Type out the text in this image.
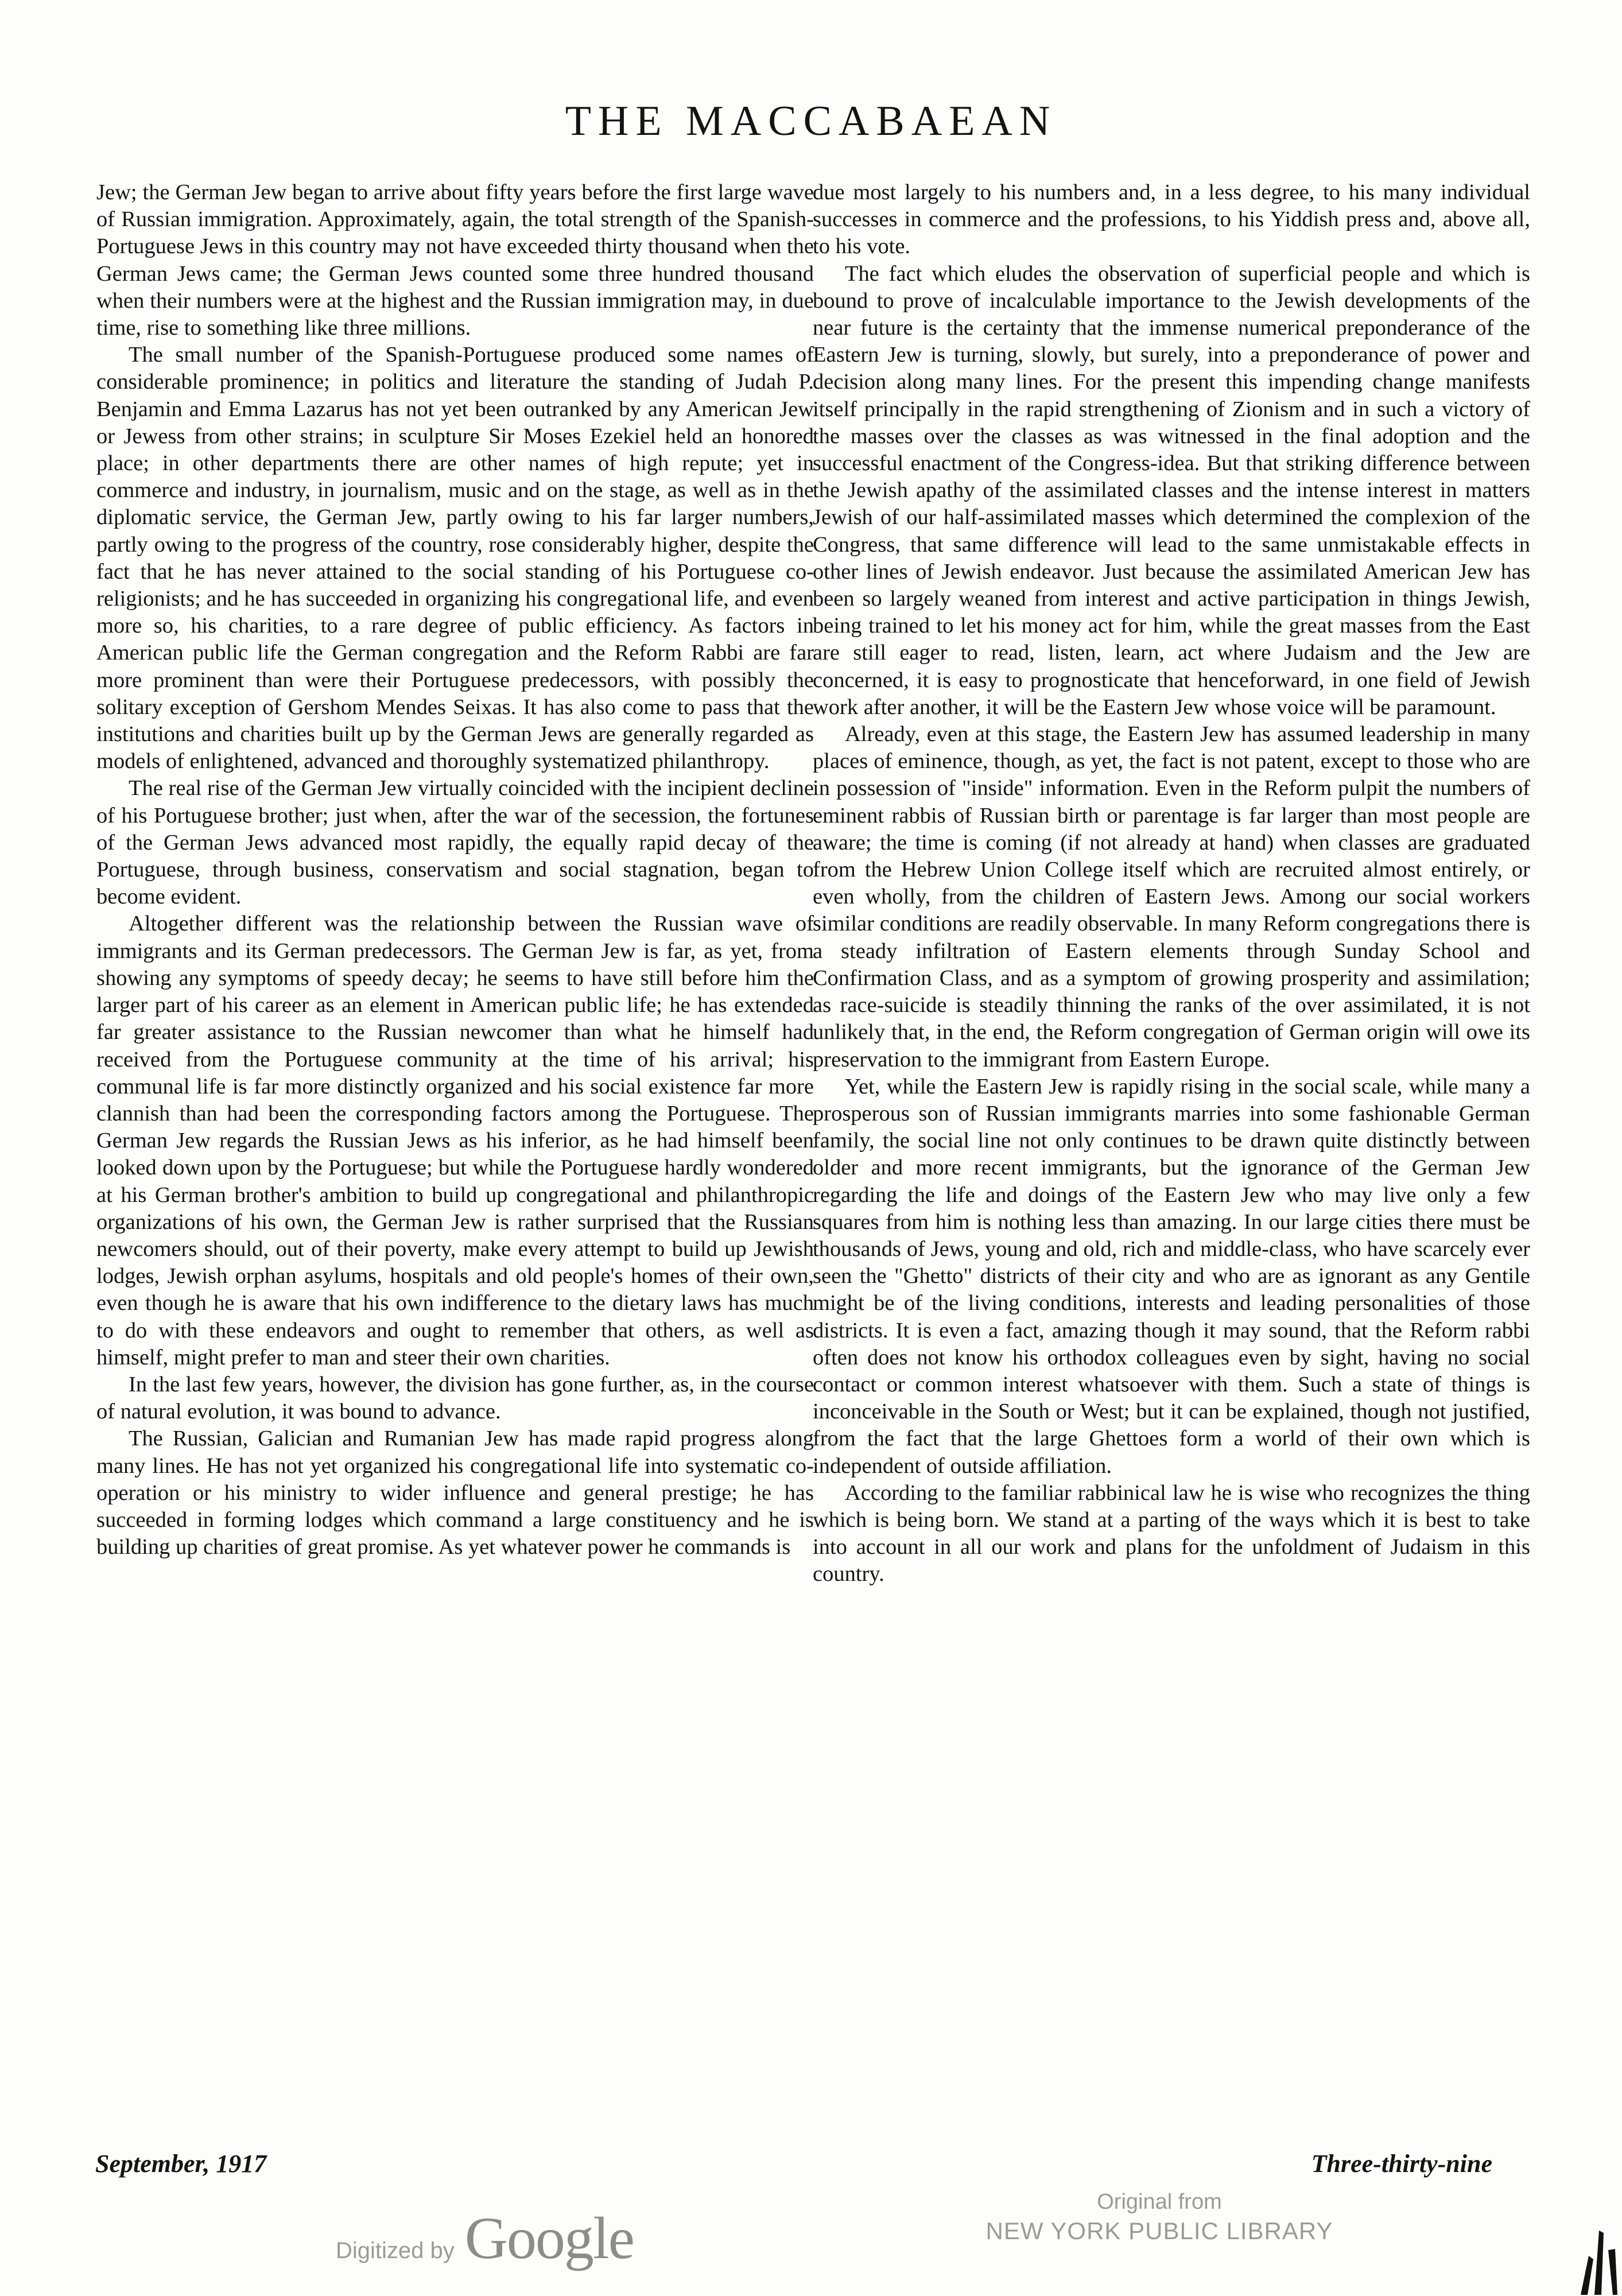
THE MACCABAEAN

Jew; the German Jew began to arrive about fifty years before the first large wave of Russian immigration. Approximately, again, the total strength of the Spanish-Portuguese Jews in this country may not have exceeded thirty thousand when the German Jews came; the German Jews counted some three hundred thousand when their numbers were at the highest and the Russian immigration may, in due time, rise to something like three millions.

The small number of the Spanish-Portuguese produced some names of considerable prominence; in politics and literature the standing of Judah P. Benjamin and Emma Lazarus has not yet been outranked by any American Jew or Jewess from other strains; in sculpture Sir Moses Ezekiel held an honored place; in other departments there are other names of high repute; yet in commerce and industry, in journalism, music and on the stage, as well as in the diplomatic service, the German Jew, partly owing to his far larger numbers, partly owing to the progress of the country, rose considerably higher, despite the fact that he has never attained to the social standing of his Portuguese co-religionists; and he has succeeded in organizing his congregational life, and even more so, his charities, to a rare degree of public efficiency. As factors in American public life the German congregation and the Reform Rabbi are far more prominent than were their Portuguese predecessors, with possibly the solitary exception of Gershom Mendes Seixas. It has also come to pass that the institutions and charities built up by the German Jews are generally regarded as models of enlightened, advanced and thoroughly systematized philanthropy.

The real rise of the German Jew virtually coincided with the incipient decline of his Portuguese brother; just when, after the war of the secession, the fortunes of the German Jews advanced most rapidly, the equally rapid decay of the Portuguese, through business, conservatism and social stagnation, began to become evident.

Altogether different was the relationship between the Russian wave of immigrants and its German predecessors. The German Jew is far, as yet, from showing any symptoms of speedy decay; he seems to have still before him the larger part of his career as an element in American public life; he has extended far greater assistance to the Russian newcomer than what he himself had received from the Portuguese community at the time of his arrival; his communal life is far more distinctly organized and his social existence far more clannish than had been the corresponding factors among the Portuguese. The German Jew regards the Russian Jews as his inferior, as he had himself been looked down upon by the Portuguese; but while the Portuguese hardly wondered at his German brother's ambition to build up congregational and philanthropic organizations of his own, the German Jew is rather surprised that the Russian newcomers should, out of their poverty, make every attempt to build up Jewish lodges, Jewish orphan asylums, hospitals and old people's homes of their own, even though he is aware that his own indifference to the dietary laws has much to do with these endeavors and ought to remember that others, as well as himself, might prefer to man and steer their own charities.

In the last few years, however, the division has gone further, as, in the course of natural evolution, it was bound to advance.

The Russian, Galician and Rumanian Jew has made rapid progress along many lines. He has not yet organized his congregational life into systematic co-operation or his ministry to wider influence and general prestige; he has succeeded in forming lodges which command a large constituency and he is building up charities of great promise. As yet whatever power he commands is

due most largely to his numbers and, in a less degree, to his many individual successes in commerce and the professions, to his Yiddish press and, above all, to his vote.

The fact which eludes the observation of superficial people and which is bound to prove of incalculable importance to the Jewish developments of the near future is the certainty that the immense numerical preponderance of the Eastern Jew is turning, slowly, but surely, into a preponderance of power and decision along many lines. For the present this impending change manifests itself principally in the rapid strengthening of Zionism and in such a victory of the masses over the classes as was witnessed in the final adoption and the successful enactment of the Congress-idea. But that striking difference between the Jewish apathy of the assimilated classes and the intense interest in matters Jewish of our half-assimilated masses which determined the complexion of the Congress, that same difference will lead to the same unmistakable effects in other lines of Jewish endeavor. Just because the assimilated American Jew has been so largely weaned from interest and active participation in things Jewish, being trained to let his money act for him, while the great masses from the East are still eager to read, listen, learn, act where Judaism and the Jew are concerned, it is easy to prognosticate that henceforward, in one field of Jewish work after another, it will be the Eastern Jew whose voice will be paramount.

Already, even at this stage, the Eastern Jew has assumed leadership in many places of eminence, though, as yet, the fact is not patent, except to those who are in possession of "inside" information. Even in the Reform pulpit the numbers of eminent rabbis of Russian birth or parentage is far larger than most people are aware; the time is coming (if not already at hand) when classes are graduated from the Hebrew Union College itself which are recruited almost entirely, or even wholly, from the children of Eastern Jews. Among our social workers similar conditions are readily observable. In many Reform congregations there is a steady infiltration of Eastern elements through Sunday School and Confirmation Class, and as a symptom of growing prosperity and assimilation; as race-suicide is steadily thinning the ranks of the over assimilated, it is not unlikely that, in the end, the Reform congregation of German origin will owe its preservation to the immigrant from Eastern Europe.

Yet, while the Eastern Jew is rapidly rising in the social scale, while many a prosperous son of Russian immigrants marries into some fashionable German family, the social line not only continues to be drawn quite distinctly between older and more recent immigrants, but the ignorance of the German Jew regarding the life and doings of the Eastern Jew who may live only a few squares from him is nothing less than amazing. In our large cities there must be thousands of Jews, young and old, rich and middle-class, who have scarcely ever seen the "Ghetto" districts of their city and who are as ignorant as any Gentile might be of the living conditions, interests and leading personalities of those districts. It is even a fact, amazing though it may sound, that the Reform rabbi often does not know his orthodox colleagues even by sight, having no social contact or common interest whatsoever with them. Such a state of things is inconceivable in the South or West; but it can be explained, though not justified, from the fact that the large Ghettoes form a world of their own which is independent of outside affiliation.

According to the familiar rabbinical law he is wise who recognizes the thing which is being born. We stand at a parting of the ways which it is best to take into account in all our work and plans for the unfoldment of Judaism in this country.

September, 1917	Three-thirty-nine
Digitized by Google
Original from
NEW YORK PUBLIC LIBRARY
